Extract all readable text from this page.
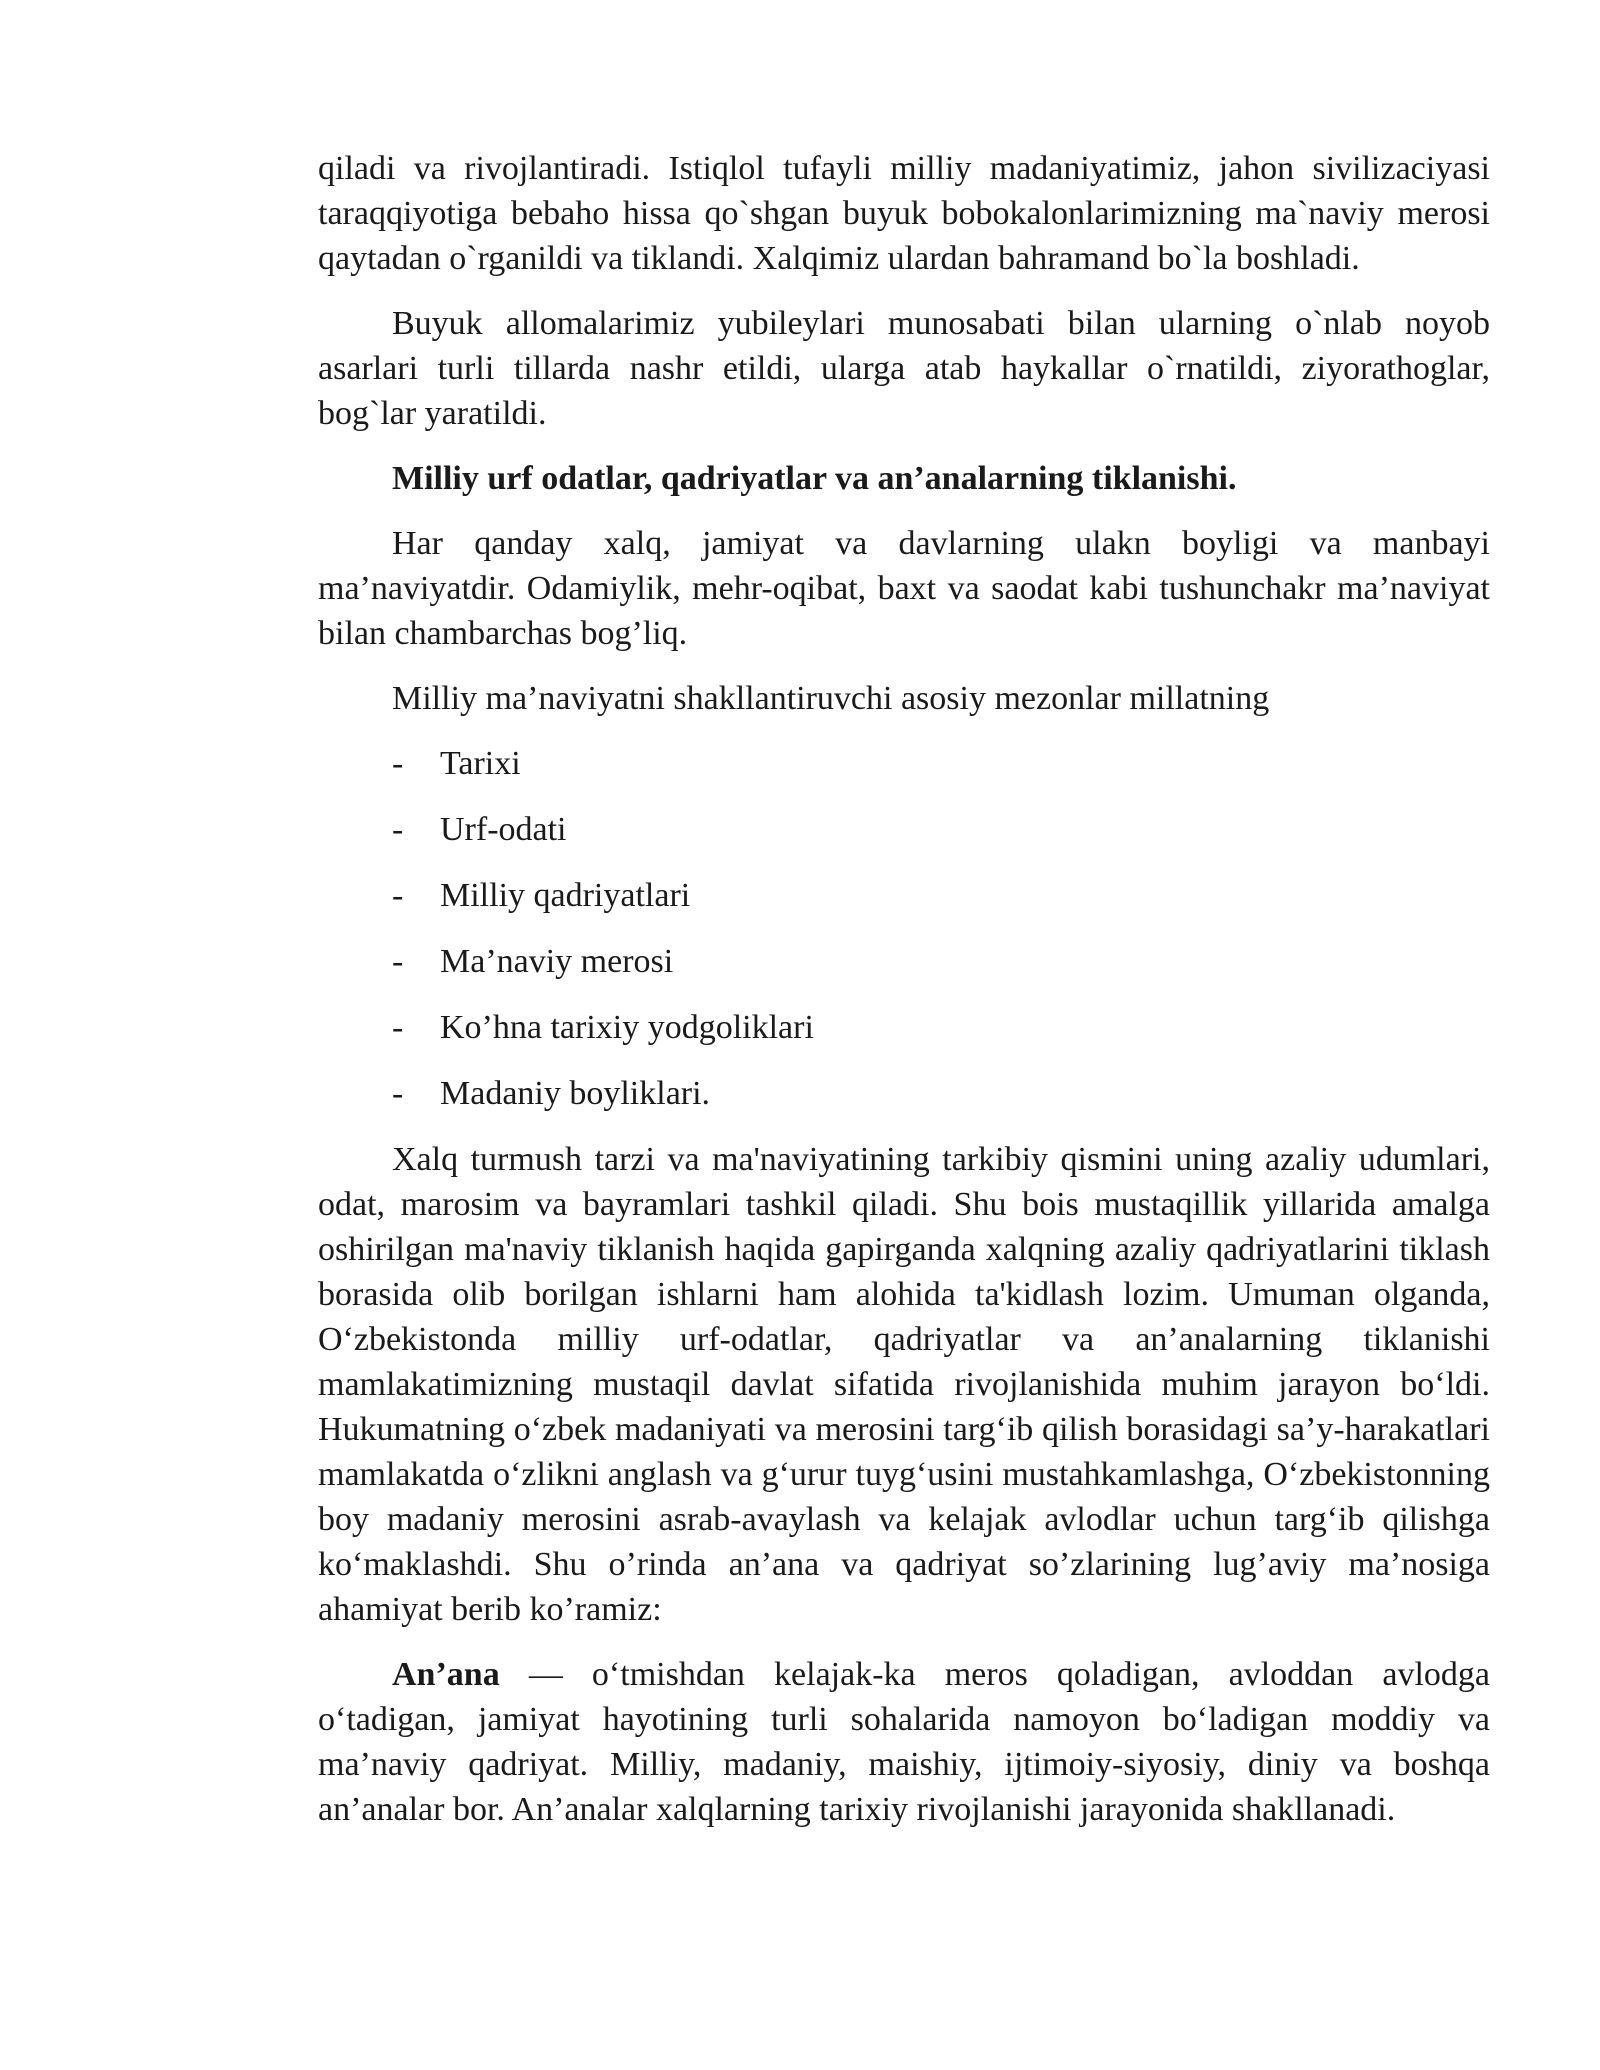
qiladi va rivojlantiradi. Istiqlol tufayli milliy madaniyatimiz, jahon sivilizaciyasi taraqqiyotiga bebaho hissa qo`shgan buyuk bobokalonlarimizning ma`naviy merosi qaytadan o`rganildi va tiklandi. Xalqimiz ulardan bahramand bo`la boshladi.

Buyuk allomalarimiz yubileylari munosabati bilan ularning o`nlab noyob asarlari turli tillarda nashr etildi, ularga atab haykallar o`rnatildi, ziyorathoglar, bog`lar yaratildi.

Milliy urf odatlar, qadriyatlar va an’analarning tiklanishi.

Har qanday xalq, jamiyat va davlarning ulakn boyligi va manbayi ma’naviyatdir. Odamiylik, mehr-oqibat, baxt va saodat kabi tushunchakr ma’naviyat bilan chambarchas bog’liq.

Milliy ma’naviyatni shakllantiruvchi asosiy mezonlar millatning

-	Tarixi
-	Urf-odati
-	Milliy qadriyatlari
-	Ma’naviy merosi
-	Ko’hna tarixiy yodgoliklari
-	Madaniy boyliklari.

Xalq turmush tarzi va ma'naviyatining tarkibiy qismini uning azaliy udumlari, odat, marosim va bayramlari tashkil qiladi. Shu bois mustaqillik yillarida amalga oshirilgan ma'naviy tiklanish haqida gapirganda xalqning azaliy qadriyatlarini tiklash borasida olib borilgan ishlarni ham alohida ta'kidlash lozim. Umuman olganda, O‘zbekistonda milliy urf-odatlar, qadriyatlar va an’analarning tiklanishi mamlakatimizning mustaqil davlat sifatida rivojlanishida muhim jarayon bo‘ldi. Hukumatning o‘zbek madaniyati va merosini targ‘ib qilish borasidagi sa’y-harakatlari mamlakatda o‘zlikni anglash va g‘urur tuyg‘usini mustahkamlashga, O‘zbekistonning boy madaniy merosini asrab-avaylash va kelajak avlodlar uchun targ‘ib qilishga ko‘maklashdi. Shu o’rinda an’ana va qadriyat so’zlarining lug’aviy ma’nosiga ahamiyat berib ko’ramiz:

An’ana — o‘tmishdan kelajak-ka meros qoladigan, avloddan avlodga o‘tadigan, jamiyat hayotining turli sohalarida namoyon bo‘ladigan moddiy va ma’naviy qadriyat. Milliy, madaniy, maishiy, ijtimoiy-siyosiy, diniy va boshqa an’analar bor. An’analar xalqlarning tarixiy rivojlanishi jarayonida shakllanadi.
